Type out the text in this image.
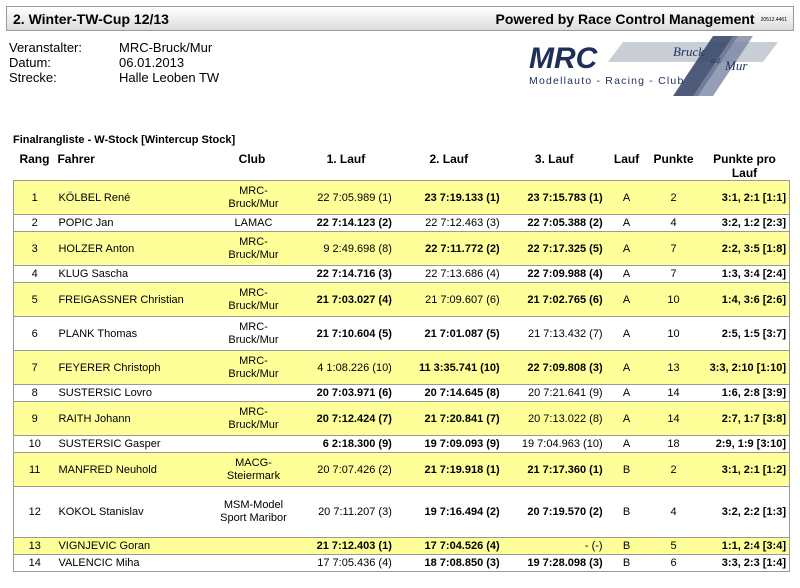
2. Winter-TW-Cup 12/13	Powered by Race Control Management 20512.4461
Veranstalter:	MRC-Bruck/Mur
Datum:	06.01.2013
Strecke:	Halle Leoben TW
MRC	Bruck
a.d. Mur
Modellauto - Racing - Club
Finalrangliste - W-Stock [Wintercup Stock]
Rang	Fahrer	Club	1. Lauf	2. Lauf	3. Lauf	Lauf	Punkte	Punkte pro Lauf
1	KÖLBEL René	MRC-Bruck/Mur	22 7:05.989 (1)	23 7:19.133 (1)	23 7:15.783 (1)	A	2	3:1, 2:1 [1:1]
2	POPIC Jan	LAMAC	22 7:14.123 (2)	22 7:12.463 (3)	22 7:05.388 (2)	A	4	3:2, 1:2 [2:3]
3	HOLZER Anton	MRC-Bruck/Mur	9 2:49.698 (8)	22 7:11.772 (2)	22 7:17.325 (5)	A	7	2:2, 3:5 [1:8]
4	KLUG Sascha		22 7:14.716 (3)	22 7:13.686 (4)	22 7:09.988 (4)	A	7	1:3, 3:4 [2:4]
5	FREIGASSNER Christian	MRC-Bruck/Mur	21 7:03.027 (4)	21 7:09.607 (6)	21 7:02.765 (6)	A	10	1:4, 3:6 [2:6]
6	PLANK Thomas	MRC-Bruck/Mur	21 7:10.604 (5)	21 7:01.087 (5)	21 7:13.432 (7)	A	10	2:5, 1:5 [3:7]
7	FEYERER Christoph	MRC-Bruck/Mur	4 1:08.226 (10)	11 3:35.741 (10)	22 7:09.808 (3)	A	13	3:3, 2:10 [1:10]
8	SUSTERSIC Lovro		20 7:03.971 (6)	20 7:14.645 (8)	20 7:21.641 (9)	A	14	1:6, 2:8 [3:9]
9	RAITH Johann	MRC-Bruck/Mur	20 7:12.424 (7)	21 7:20.841 (7)	20 7:13.022 (8)	A	14	2:7, 1:7 [3:8]
10	SUSTERSIC Gasper		6 2:18.300 (9)	19 7:09.093 (9)	19 7:04.963 (10)	A	18	2:9, 1:9 [3:10]
11	MANFRED Neuhold	MACG-Steiermark	20 7:07.426 (2)	21 7:19.918 (1)	21 7:17.360 (1)	B	2	3:1, 2:1 [1:2]
12	KOKOL Stanislav	MSM-Model Sport Maribor	20 7:11.207 (3)	19 7:16.494 (2)	20 7:19.570 (2)	B	4	3:2, 2:2 [1:3]
13	VIGNJEVIC Goran		21 7:12.403 (1)	17 7:04.526 (4)	- (-)	B	5	1:1, 2:4 [3:4]
14	VALENCIC Miha		17 7:05.436 (4)	18 7:08.850 (3)	19 7:28.098 (3)	B	6	3:3, 2:3 [1:4]
